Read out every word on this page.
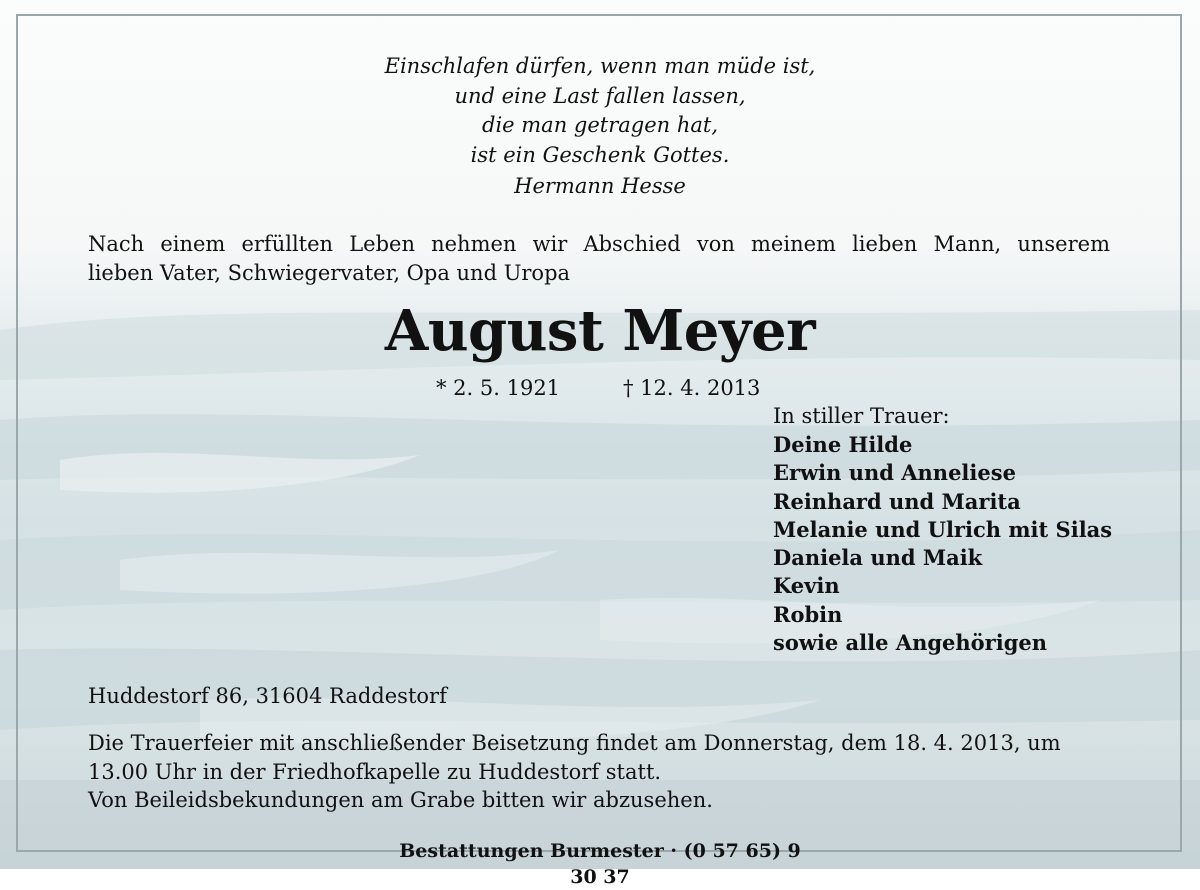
Einschlafen dürfen, wenn man müde ist,
und eine Last fallen lassen,
die man getragen hat,
ist ein Geschenk Gottes.
Hermann Hesse
Nach einem erfüllten Leben nehmen wir Abschied von meinem lieben Mann, unserem
lieben Vater, Schwiegervater, Opa und Uropa
August Meyer
* 2. 5. 1921	† 12. 4. 2013
In stiller Trauer:
Deine Hilde
Erwin und Anneliese
Reinhard und Marita
Melanie und Ulrich mit Silas
Daniela und Maik
Kevin
Robin
sowie alle Angehörigen
Huddestorf 86, 31604 Raddestorf
Die Trauerfeier mit anschließender Beisetzung findet am Donnerstag, dem 18. 4. 2013, um
13.00 Uhr in der Friedhofkapelle zu Huddestorf statt.
Von Beileidsbekundungen am Grabe bitten wir abzusehen.
Bestattungen Burmester · (0 57 65) 9 30 37
